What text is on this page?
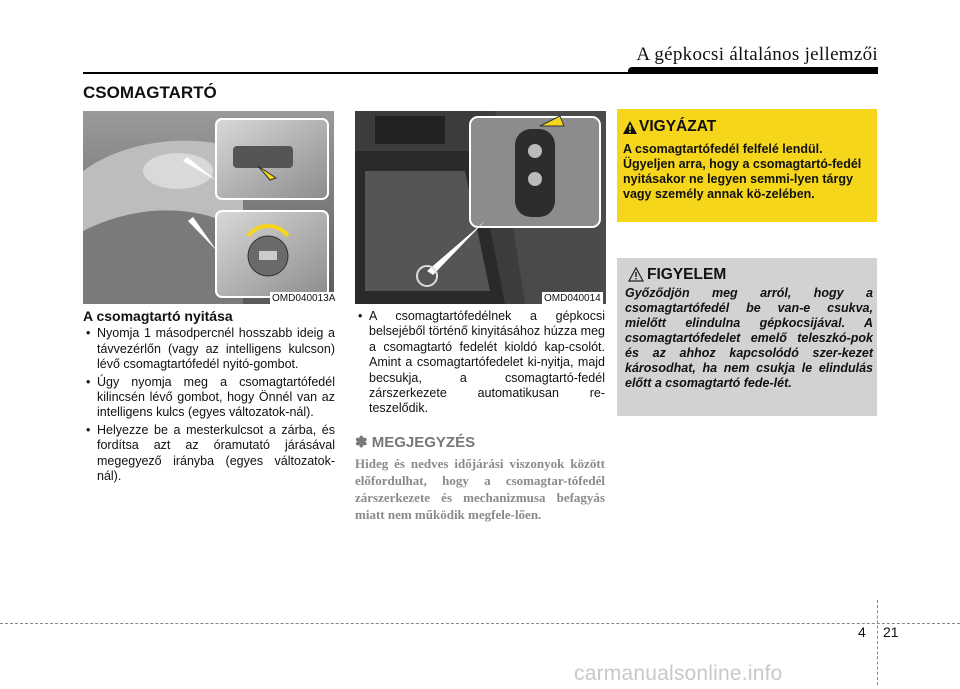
A gépkocsi általános jellemzői
CSOMAGTARTÓ
OMD040013A	OMD040014
A csomagtartó nyitása
• Nyomja 1 másodpercnél hosszabb ideig a távvezérlőn (vagy az intelligens kulcson) lévő csomagtartófedél nyitó-gombot.
• Úgy nyomja meg a csomagtartófedél kilincsén lévő gombot, hogy Önnél van az intelligens kulcs (egyes változatok-nál).
• Helyezze be a mesterkulcsot a zárba, és fordítsa azt az óramutató járásával megegyező irányba (egyes változatok-nál).
• A csomagtartófedélnek a gépkocsi belsejéből történő kinyitásához húzza meg a csomagtartó fedelét kioldó kap-csolót. Amint a csomagtartófedelet ki-nyitja, majd becsukja, a csomagtartó-fedél zárszerkezete automatikusan re-teszelődik.
✽ MEGJEGYZÉS
Hideg és nedves időjárási viszonyok között előfordulhat, hogy a csomagtar-tófedél zárszerkezete és mechanizmusa befagyás miatt nem működik megfele-lően.
VIGYÁZAT
A csomagtartófedél felfelé lendül. Ügyeljen arra, hogy a csomagtartó-fedél nyitásakor ne legyen semmi-lyen tárgy vagy személy annak kö-zelében.
FIGYELEM
Győződjön meg arról, hogy a csomagtartófedél be van-e csukva, mielőtt elindulna gépkocsijával. A csomagtartófedelet emelő teleszkó-pok és az ahhoz kapcsolódó szer-kezet károsodhat, ha nem csukja le elindulás előtt a csomagtartó fede-lét.
4 21
carmanualsonline.info
